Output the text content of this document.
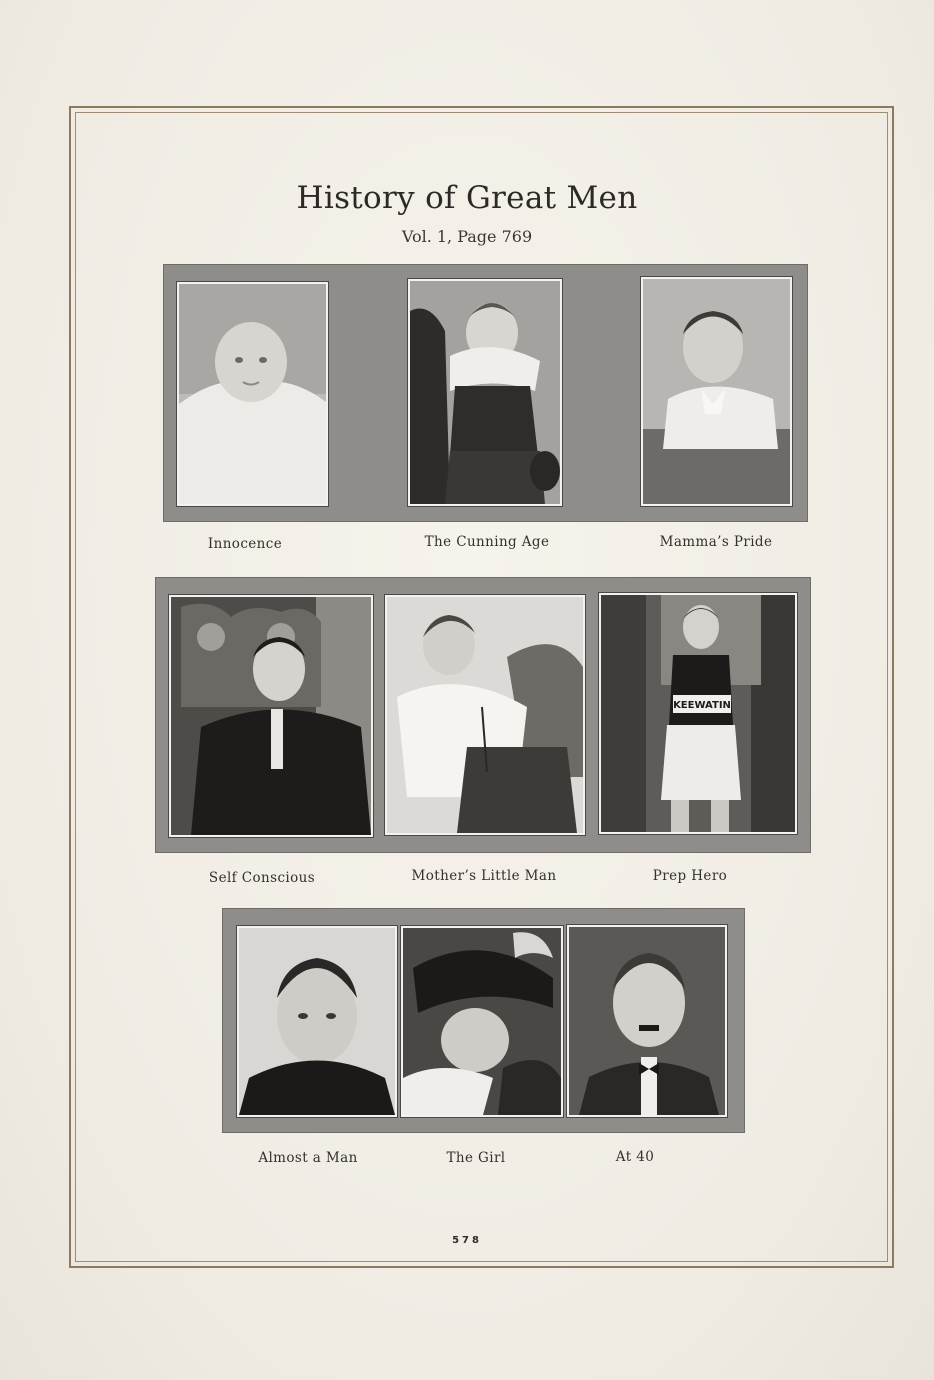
History of Great Men
Vol. 1, Page 769
Innocence	The Cunning Age	Mamma’s Pride
KEEWATIN
Self Conscious	Mother’s Little Man	Prep Hero
Almost a Man	The Girl	At 40
578
